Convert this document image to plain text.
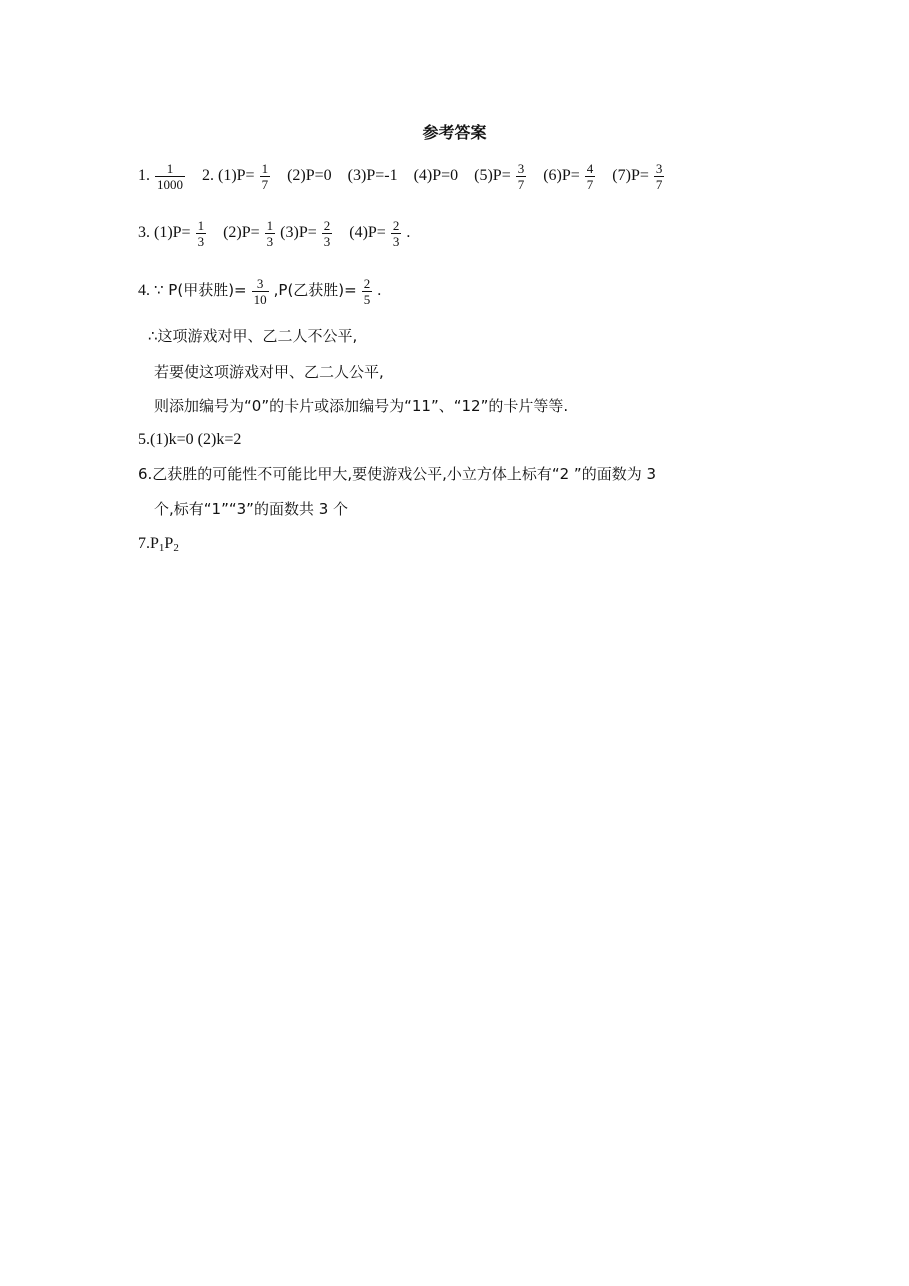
参考答案
1. $\frac{1}{1000} 2$. $(1)P= \frac{1}{7} (2)P=0$ (3)P=-1 (4)P=0 $(5)P= \frac{3}{7} (6)P= \frac{4}{7} (7)P= \frac{3}{7}$
3. $(1)P= \frac{1}{3} (2)P= \frac{1}{3} (3)P= \frac{2}{3} (4)P= \frac{2}{3}$ .
4. ∵ P(甲获胜)= $\frac{3}{10} ,P$(乙获胜)= $\frac{2}{5}$ .
∴这项游戏对甲、乙二人不公平,
若要使这项游戏对甲、乙二人公平,
则添加编号为“0”的卡片或添加编号为“11”、“12”的卡片等等.
5.(1)k=0 (2)k=2
6.乙获胜的可能性不可能比甲大,要使游戏公平,小立方体上标有“2 ”的面数为 3
个,标有“1”“3”的面数共 3 个
$7.P_1P_2$
